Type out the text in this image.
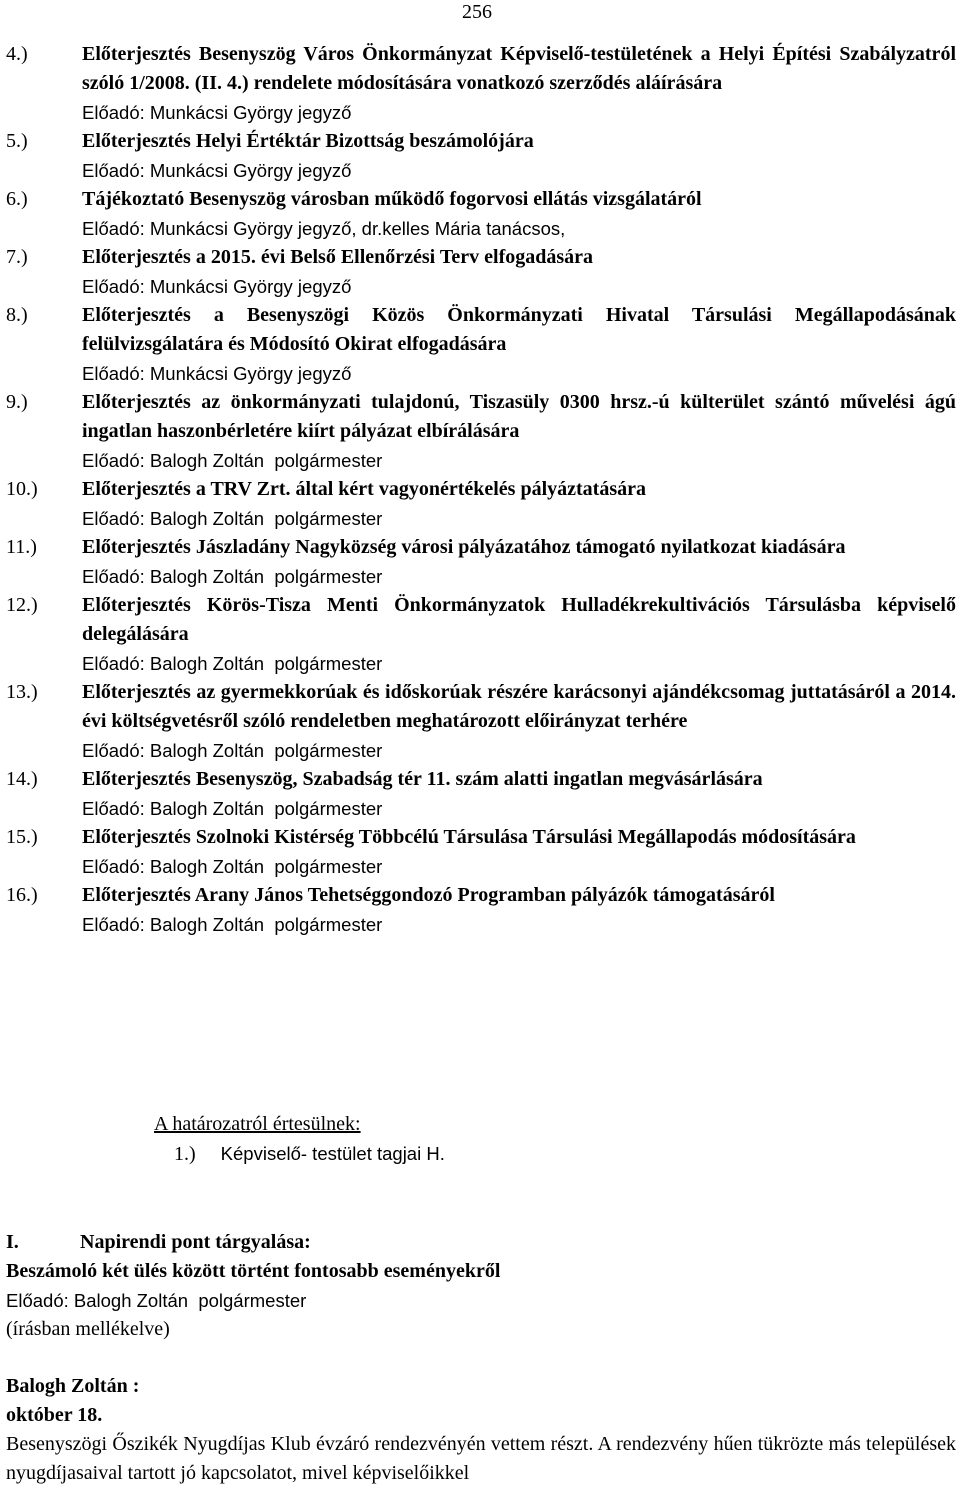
256
4.)	Előterjesztés Besenyszög Város Önkormányzat Képviselő-testületének a Helyi Építési Szabályzatról szóló 1/2008. (II. 4.) rendelete módosítására vonatkozó szerződés aláírására
Előadó: Munkácsi György jegyző
5.)	Előterjesztés Helyi Értéktár Bizottság beszámolójára
Előadó: Munkácsi György jegyző
6.)	Tájékoztató Besenyszög városban működő fogorvosi ellátás vizsgálatáról
Előadó: Munkácsi György jegyző, dr.kelles Mária tanácsos,
7.)	Előterjesztés a 2015. évi Belső Ellenőrzési Terv elfogadására
Előadó: Munkácsi György jegyző
8.)	Előterjesztés a Besenyszögi Közös Önkormányzati Hivatal Társulási Megállapodásának felülvizsgálatára és Módosító Okirat elfogadására
Előadó: Munkácsi György jegyző
9.)	Előterjesztés az önkormányzati tulajdonú, Tiszasüly 0300 hrsz.-ú külterület szántó művelési ágú ingatlan haszonbérletére kiírt pályázat elbírálására
Előadó: Balogh Zoltán  polgármester
10.) Előterjesztés a TRV Zrt. által kért vagyonértékelés pályáztatására
Előadó: Balogh Zoltán  polgármester
11.) Előterjesztés Jászladány Nagyközség városi pályázatához támogató nyilatkozat kiadására
Előadó: Balogh Zoltán  polgármester
12.) Előterjesztés Körös-Tisza Menti Önkormányzatok Hulladékrekultivációs Társulásba képviselő delegálására
Előadó: Balogh Zoltán  polgármester
13.) Előterjesztés az gyermekkorúak és időskorúak részére karácsonyi ajándékcsomag juttatásáról a 2014. évi költségvetésről szóló rendeletben meghatározott előirányzat terhére
Előadó: Balogh Zoltán  polgármester
14.) Előterjesztés Besenyszög, Szabadság tér 11. szám alatti ingatlan megvásárlására
Előadó: Balogh Zoltán  polgármester
15.) Előterjesztés Szolnoki Kistérség Többcélú Társulása Társulási Megállapodás módosítására
Előadó: Balogh Zoltán  polgármester
16.) Előterjesztés Arany János Tehetséggondozó Programban pályázók támogatásáról
Előadó: Balogh Zoltán  polgármester
A határozatról értesülnek:
1.) Képviselő- testület tagjai H.
I.	Napirendi pont tárgyalása:
Beszámoló két ülés között történt fontosabb eseményekről
Előadó: Balogh Zoltán  polgármester
(írásban mellékelve)
Balogh Zoltán :
október 18.
Besenyszögi Őszikék Nyugdíjas Klub évzáró rendezvényén vettem részt. A rendezvény hűen tükrözte más települések nyugdíjasaival tartott jó kapcsolatot, mivel képviselőikkel
